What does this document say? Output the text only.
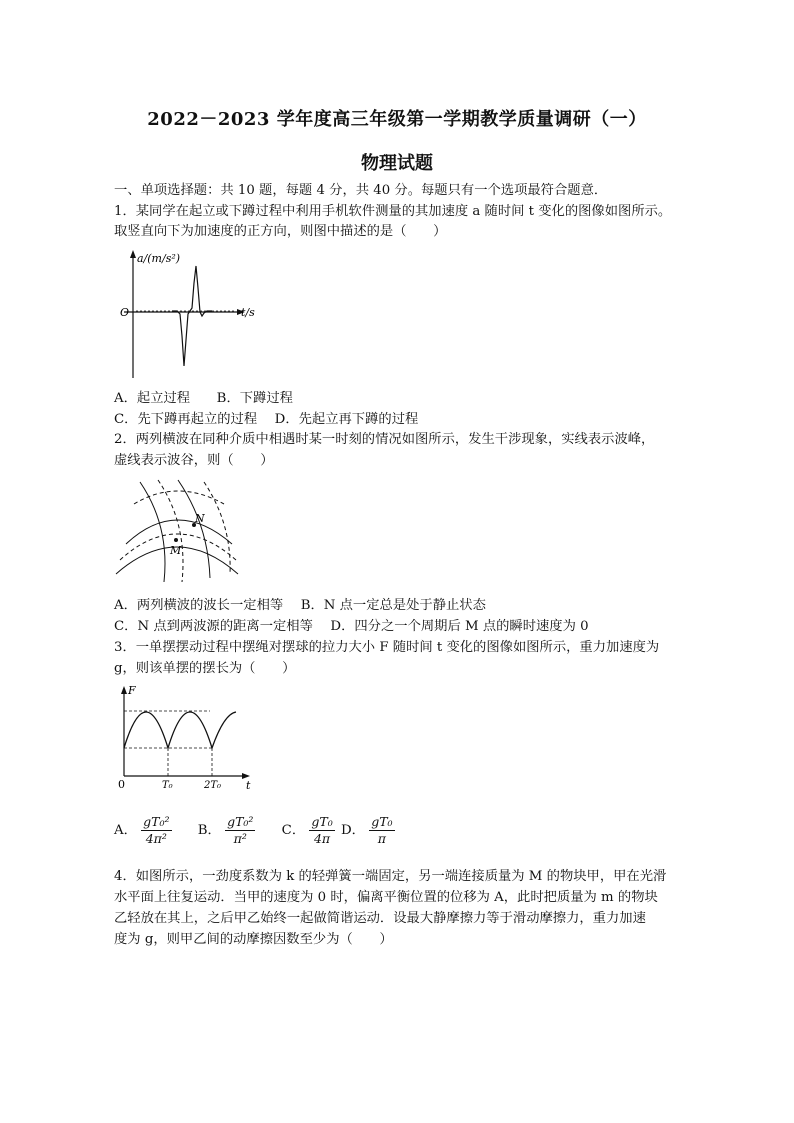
2022－2023 学年度高三年级第一学期教学质量调研（一）
物理试题
一、单项选择题：共 10 题，每题 4 分，共 40 分。每题只有一个选项最符合题意．
1．某同学在起立或下蹲过程中利用手机软件测量的其加速度 a 随时间 t 变化的图像如图所示。
取竖直向下为加速度的正方向，则图中描述的是（　　）
a/(m/s²)
t/s
O
A．起立过程　　B．下蹲过程
C．先下蹲再起立的过程　 D．先起立再下蹲的过程
2．两列横波在同种介质中相遇时某一时刻的情况如图所示，发生干涉现象，实线表示波峰，
虚线表示波谷，则（　　）
N
M
A．两列横波的波长一定相等　 B．N 点一定总是处于静止状态
C．N 点到两波源的距离一定相等　 D．四分之一个周期后 M 点的瞬时速度为 0
3．一单摆摆动过程中摆绳对摆球的拉力大小 F 随时间 t 变化的图像如图所示，重力加速度为
g，则该单摆的摆长为（　　）
F
t
0	T₀	2T₀
A． $\frac{\text{gT₀²}}{\text{4π²}}$ B． $\frac{\text{gT₀²}}{\text{π²}}$ C． $\frac{\text{gT₀}}{4\pi}$ D． $\frac{\text{gT₀}}{\pi}$
4．如图所示，一劲度系数为 k 的轻弹簧一端固定，另一端连接质量为 M 的物块甲，甲在光滑
水平面上往复运动．当甲的速度为 0 时，偏离平衡位置的位移为 A，此时把质量为 m 的物块
乙轻放在其上，之后甲乙始终一起做简谐运动．设最大静摩擦力等于滑动摩擦力，重力加速
度为 g，则甲乙间的动摩擦因数至少为（　　）
